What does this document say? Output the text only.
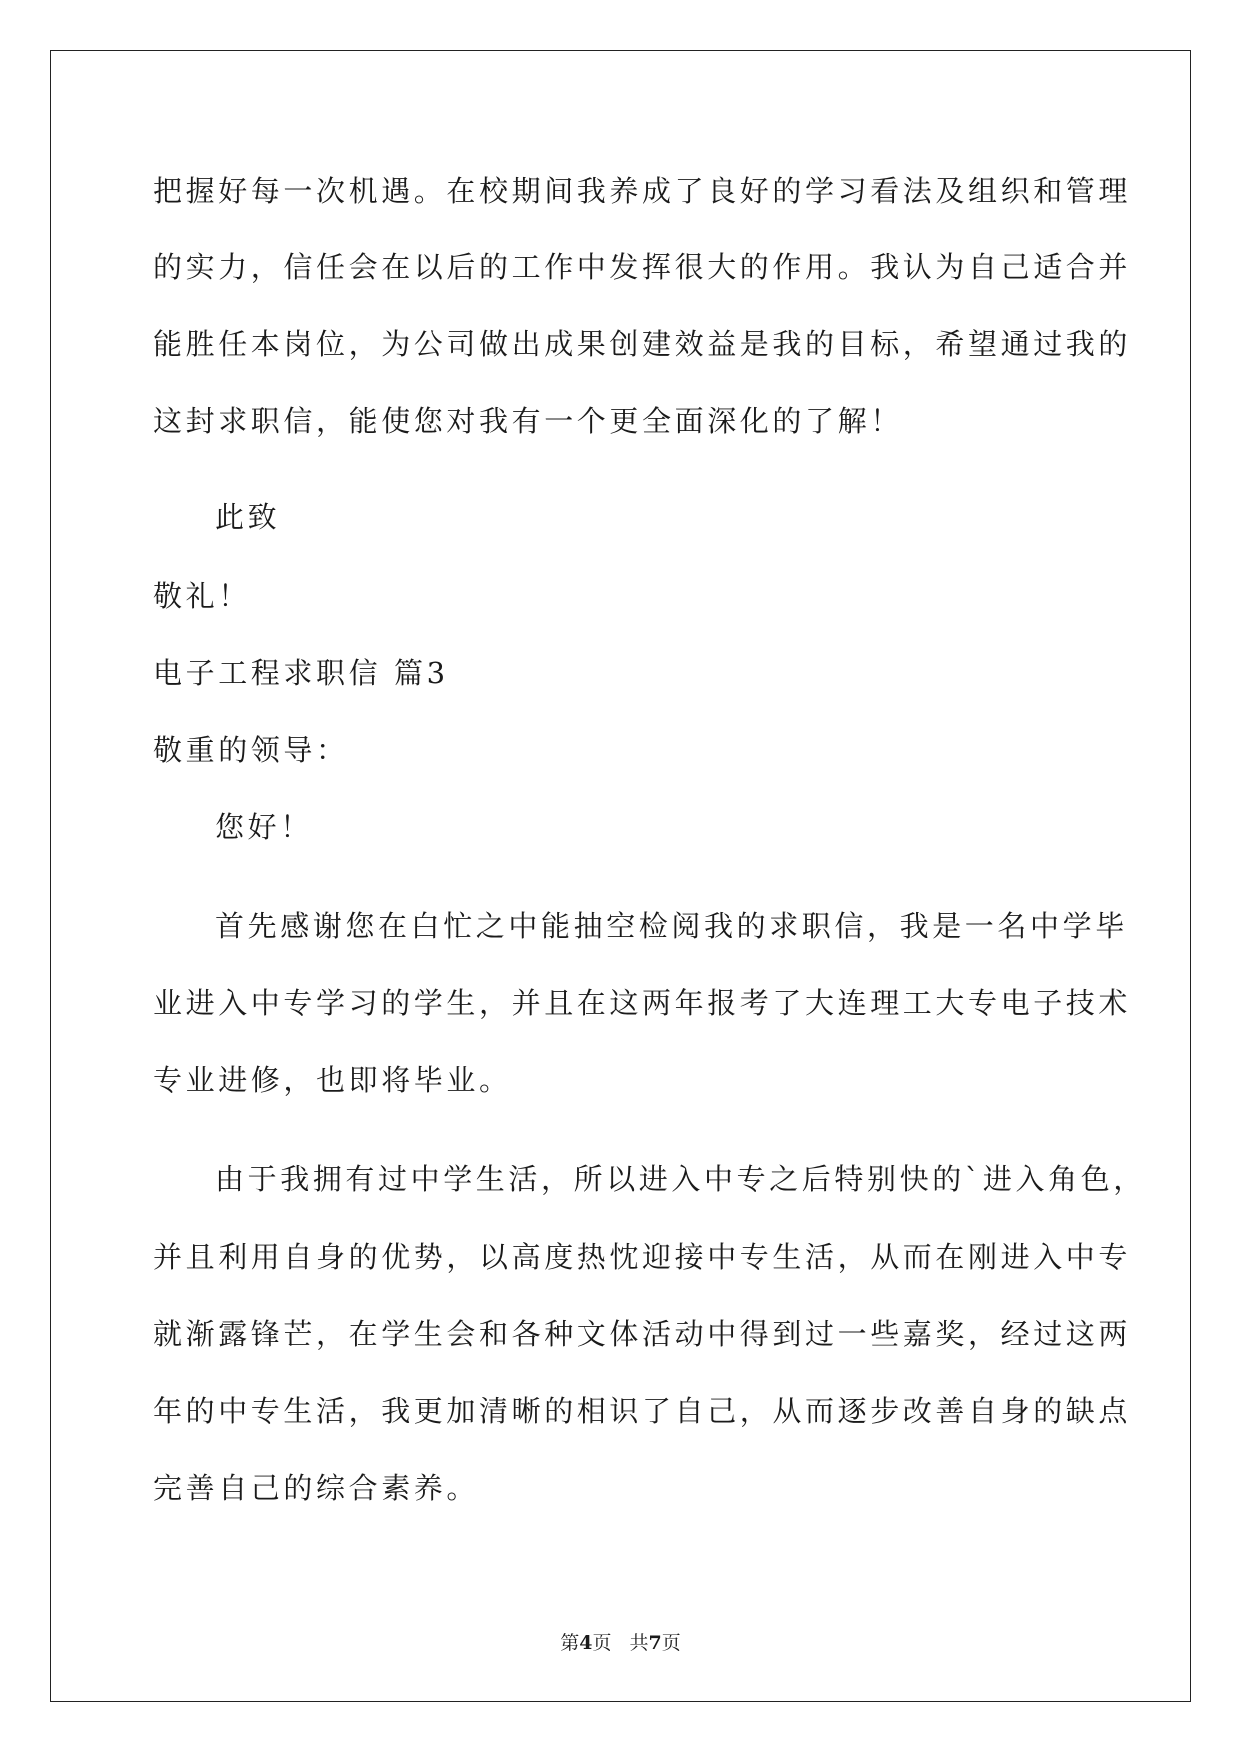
把握好每一次机遇。在校期间我养成了良好的学习看法及组织和管理
的实力，信任会在以后的工作中发挥很大的作用。我认为自己适合并
能胜任本岗位，为公司做出成果创建效益是我的目标，希望通过我的
这封求职信，能使您对我有一个更全面深化的了解！
此致
敬礼！
电子工程求职信 篇3
敬重的领导：
您好！
首先感谢您在白忙之中能抽空检阅我的求职信，我是一名中学毕
业进入中专学习的学生，并且在这两年报考了大连理工大专电子技术
专业进修，也即将毕业。
由于我拥有过中学生活，所以进入中专之后特别快的`进入角色，
并且利用自身的优势，以高度热忱迎接中专生活，从而在刚进入中专
就渐露锋芒，在学生会和各种文体活动中得到过一些嘉奖，经过这两
年的中专生活，我更加清晰的相识了自己，从而逐步改善自身的缺点
完善自己的综合素养。
第4页 共7页
